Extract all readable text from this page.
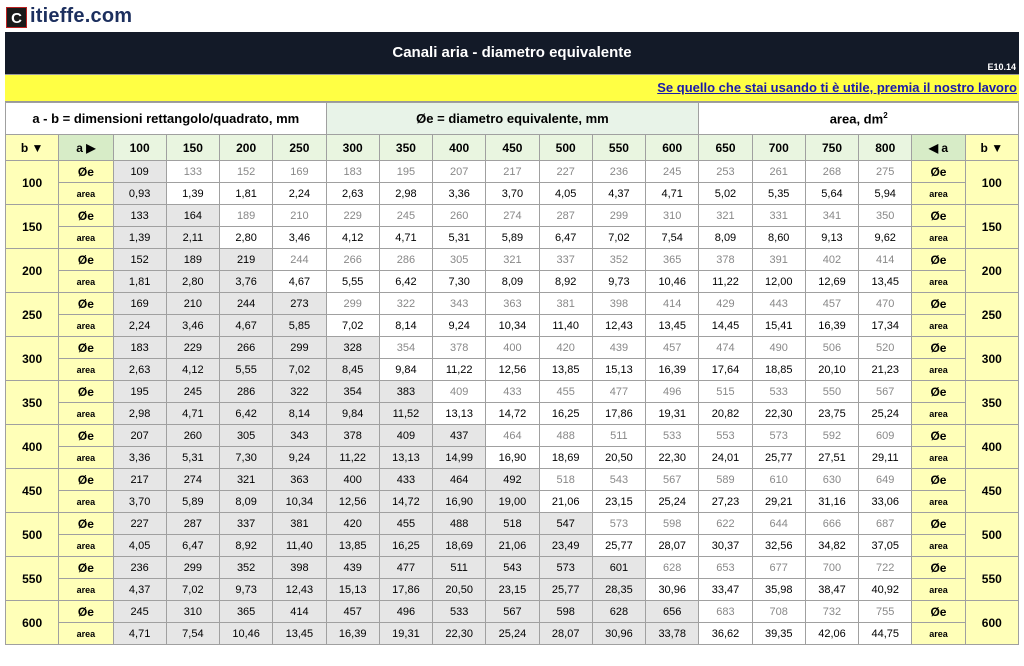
C itieffe.com
Canali aria - diametro equivalente
E10.14
Se quello che stai usando ti è utile, premia il nostro lavoro
a - b = dimensioni rettangolo/quadrato, mm						Øe = diametro equivalente, mm							area, $dm^2$
b ▼	a ▶	100	150	200	250	300	350	400	450	500	550	600	650	700	750	800	◀ a	b ▼
100	Øe	109	133	152	169	183	195	207	217	227	236	245	253	261	268	275	Øe	100
	area	0,93	1,39	1,81	2,24	2,63	2,98	3,36	3,70	4,05	4,37	4,71	5,02	5,35	5,64	5,94	area	
150	Øe	133	164	189	210	229	245	260	274	287	299	310	321	331	341	350	Øe	150
	area	1,39	2,11	2,80	3,46	4,12	4,71	5,31	5,89	6,47	7,02	7,54	8,09	8,60	9,13	9,62	area	
200	Øe	152	189	219	244	266	286	305	321	337	352	365	378	391	402	414	Øe	200
	area	1,81	2,80	3,76	4,67	5,55	6,42	7,30	8,09	8,92	9,73	10,46	11,22	12,00	12,69	13,45	area	
250	Øe	169	210	244	273	299	322	343	363	381	398	414	429	443	457	470	Øe	250
	area	2,24	3,46	4,67	5,85	7,02	8,14	9,24	10,34	11,40	12,43	13,45	14,45	15,41	16,39	17,34	area	
300	Øe	183	229	266	299	328	354	378	400	420	439	457	474	490	506	520	Øe	300
	area	2,63	4,12	5,55	7,02	8,45	9,84	11,22	12,56	13,85	15,13	16,39	17,64	18,85	20,10	21,23	area	
350	Øe	195	245	286	322	354	383	409	433	455	477	496	515	533	550	567	Øe	350
	area	2,98	4,71	6,42	8,14	9,84	11,52	13,13	14,72	16,25	17,86	19,31	20,82	22,30	23,75	25,24	area	
400	Øe	207	260	305	343	378	409	437	464	488	511	533	553	573	592	609	Øe	400
	area	3,36	5,31	7,30	9,24	11,22	13,13	14,99	16,90	18,69	20,50	22,30	24,01	25,77	27,51	29,11	area	
450	Øe	217	274	321	363	400	433	464	492	518	543	567	589	610	630	649	Øe	450
	area	3,70	5,89	8,09	10,34	12,56	14,72	16,90	19,00	21,06	23,15	25,24	27,23	29,21	31,16	33,06	area	
500	Øe	227	287	337	381	420	455	488	518	547	573	598	622	644	666	687	Øe	500
	area	4,05	6,47	8,92	11,40	13,85	16,25	18,69	21,06	23,49	25,77	28,07	30,37	32,56	34,82	37,05	area	
550	Øe	236	299	352	398	439	477	511	543	573	601	628	653	677	700	722	Øe	550
	area	4,37	7,02	9,73	12,43	15,13	17,86	20,50	23,15	25,77	28,35	30,96	33,47	35,98	38,47	40,92	area	
600	Øe	245	310	365	414	457	496	533	567	598	628	656	683	708	732	755	Øe	600
	area	4,71	7,54	10,46	13,45	16,39	19,31	22,30	25,24	28,07	30,96	33,78	36,62	39,35	42,06	44,75	area	
